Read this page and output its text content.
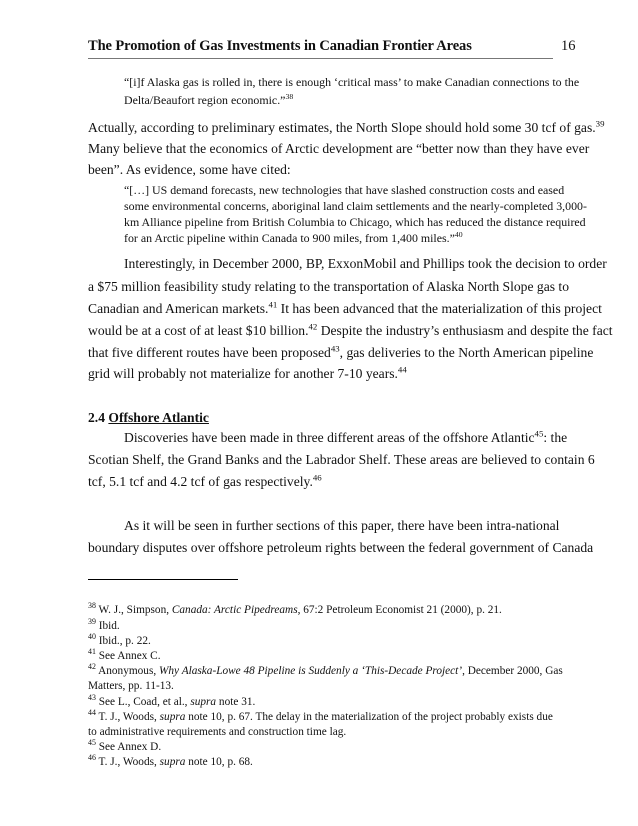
The Promotion of Gas Investments in Canadian Frontier Areas	16
“[i]f Alaska gas is rolled in, there is enough ‘critical mass’ to make Canadian connections to the
Delta/Beaufort region economic.”$^{38}$
Actually, according to preliminary estimates, the North Slope should hold some 30 tcf of gas.$^{39}$
Many believe that the economics of Arctic development are “better now than they have ever
been”. As evidence, some have cited:
“[…] US demand forecasts, new technologies that have slashed construction costs and eased
some environmental concerns, aboriginal land claim settlements and the nearly-completed 3,000-
km Alliance pipeline from British Columbia to Chicago, which has reduced the distance required
for an Arctic pipeline within Canada to 900 miles, from 1,400 miles.”$^{40}$
Interestingly, in December 2000, BP, ExxonMobil and Phillips took the decision to order
a $75 million feasibility study relating to the transportation of Alaska North Slope gas to
Canadian and American markets.$^{41}$ It has been advanced that the materialization of this project
would be at a cost of at least $10 billion.$^{42}$ Despite the industry’s enthusiasm and despite the fact
that five different routes have been proposed$^{43}$, gas deliveries to the North American pipeline
grid will probably not materialize for another 7-10 years.$^{44}$
2.4 Offshore Atlantic
Discoveries have been made in three different areas of the offshore Atlantic$^{45}$: the
Scotian Shelf, the Grand Banks and the Labrador Shelf. These areas are believed to contain 6
tcf, 5.1 tcf and 4.2 tcf of gas respectively.$^{46}$
As it will be seen in further sections of this paper, there have been intra-national
boundary disputes over offshore petroleum rights between the federal government of Canada
$^{38}$ W. J., Simpson, Canada: Arctic Pipedreams, 67:2 Petroleum Economist 21 (2000), p. 21.
$^{39}$ Ibid.
$^{40}$ Ibid., p. 22.
$^{41}$ See Annex C.
$^{42}$ Anonymous, Why Alaska-Lowe 48 Pipeline is Suddenly a ‘This-Decade Project’, December 2000, Gas
Matters, pp. 11-13.
$^{43}$ See L., Coad, et al., supra note 31.
$^{44}$ T. J., Woods, supra note 10, p. 67. The delay in the materialization of the project probably exists due
to administrative requirements and construction time lag.
$^{45}$ See Annex D.
$^{46}$ T. J., Woods, supra note 10, p. 68.
